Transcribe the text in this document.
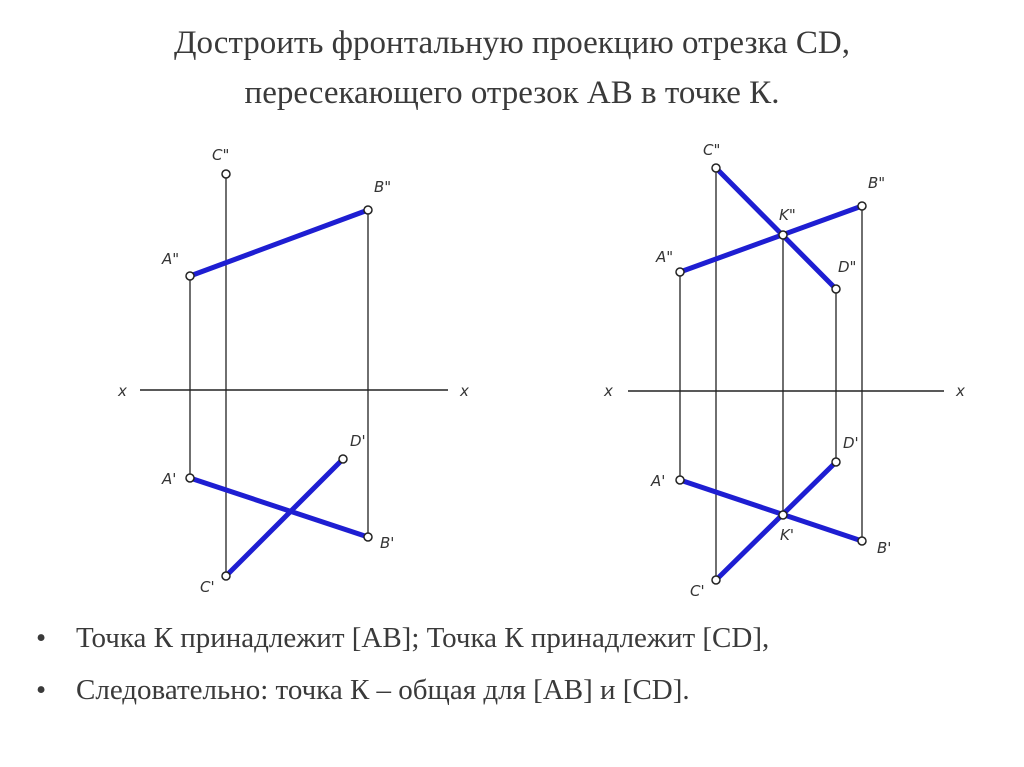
Достроить фронтальную проекцию отрезка CD,
пересекающего отрезок АВ в точке К.
C"
B"
A"
x	x
D'
A'
B'
C'
C"
B"
K"
A"
D"
x	x
D'
A'
K'
B'
C'
• Точка К принадлежит [АВ]; Точка К принадлежит [CD],
• Следовательно: точка К – общая для [АВ] и [CD].
